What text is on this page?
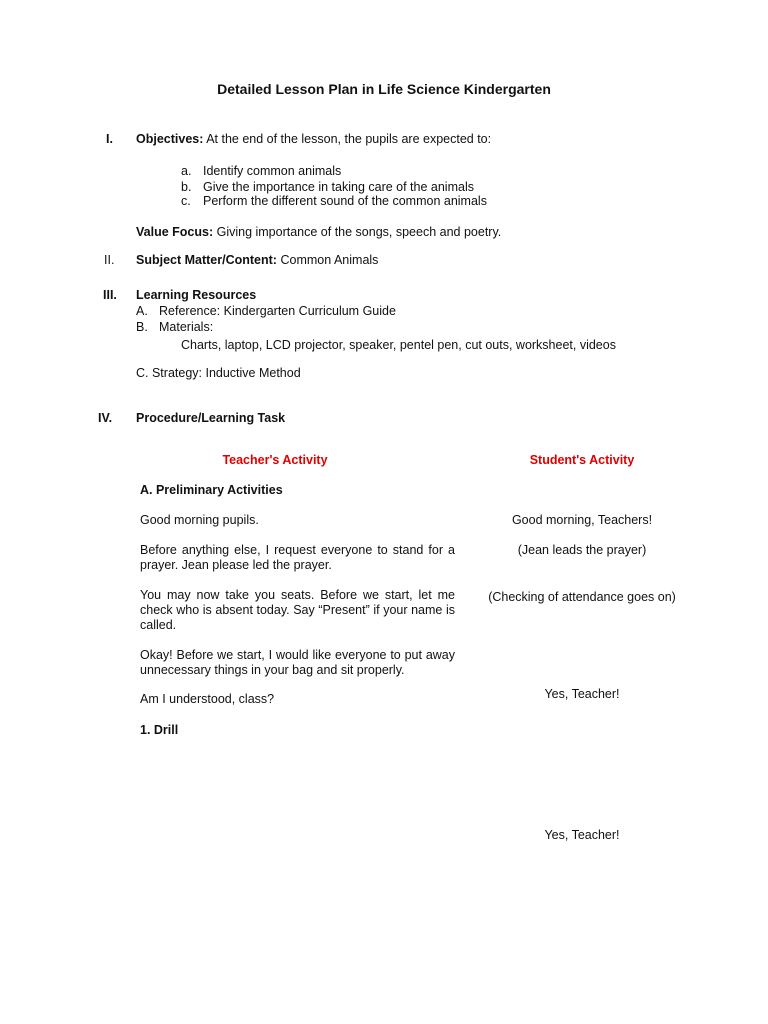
Detailed Lesson Plan in Life Science Kindergarten
I. Objectives: At the end of the lesson, the pupils are expected to:
a. Identify common animals
b. Give the importance in taking care of the animals
c. Perform the different sound of the common animals
Value Focus: Giving importance of the songs, speech and poetry.
II. Subject Matter/Content: Common Animals
III. Learning Resources
A. Reference: Kindergarten Curriculum Guide
B. Materials:
Charts, laptop, LCD projector, speaker, pentel pen, cut outs, worksheet, videos
C. Strategy: Inductive Method
IV. Procedure/Learning Task
Teacher's Activity	Student's Activity
A. Preliminary Activities
Good morning pupils.
Before anything else, I request everyone to stand for a prayer. Jean please led the prayer.
You may now take you seats. Before we start, let me check who is absent today. Say “Present” if your name is called.
Okay! Before we start, I would like everyone to put away unnecessary things in your bag and sit properly.
Am I understood, class?
Good morning, Teachers!
(Jean leads the prayer)
(Checking of attendance goes on)
Yes, Teacher!
1. Drill
Yes, Teacher!
